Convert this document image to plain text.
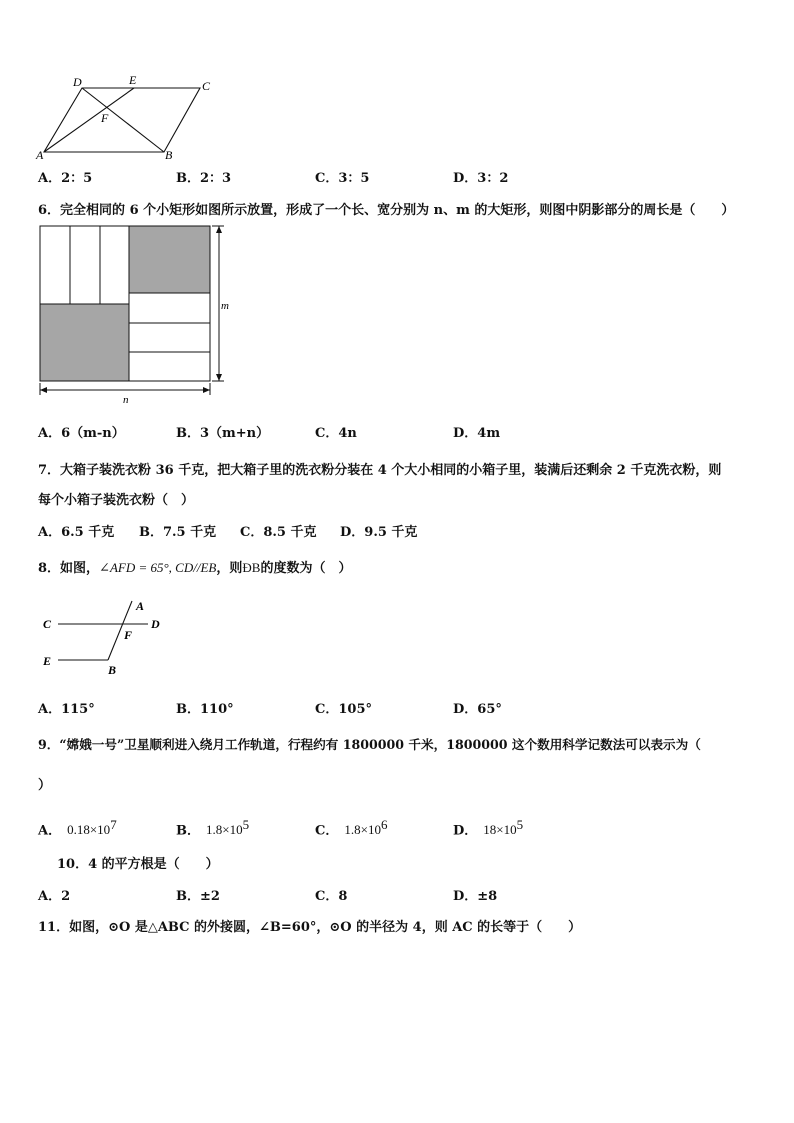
D	E	C
F
A	B
A．2：5	B．2：3	C．3：5	D．3：2
6．完全相同的 6 个小矩形如图所示放置，形成了一个长、宽分别为 n、m 的大矩形，则图中阴影部分的周长是（　　）
m
n
A．6（m-n）	B．3（m+n）	C．4n	D．4m
7．大箱子装洗衣粉 36 千克，把大箱子里的洗衣粉分装在 4 个大小相同的小箱子里，装满后还剩余 2 千克洗衣粉，则
每个小箱子装洗衣粉（　）
A．6.5 千克 B．7.5 千克 C．8.5 千克 D．9.5 千克
8．如图，∠AFD = 65°, CD//EB，则ÐB的度数为（　）
A
C	D
F
E
B
A．115°	B．110°	C．105°	D．65°
9．“嫦娥一号”卫星顺利进入绕月工作轨道，行程约有 1800000 千米，1800000 这个数用科学记数法可以表示为（
）
A． $0.18\times 10^7$	B． $1.8\times 10^5$	C． $1.8\times 10^6$	D． $18\times 10^5$
10．4 的平方根是（　　）
A．2	B．±2	C．8	D．±8
11．如图，⊙O 是△ABC 的外接圆，∠B=60°，⊙O 的半径为 4，则 AC 的长等于（　　）
